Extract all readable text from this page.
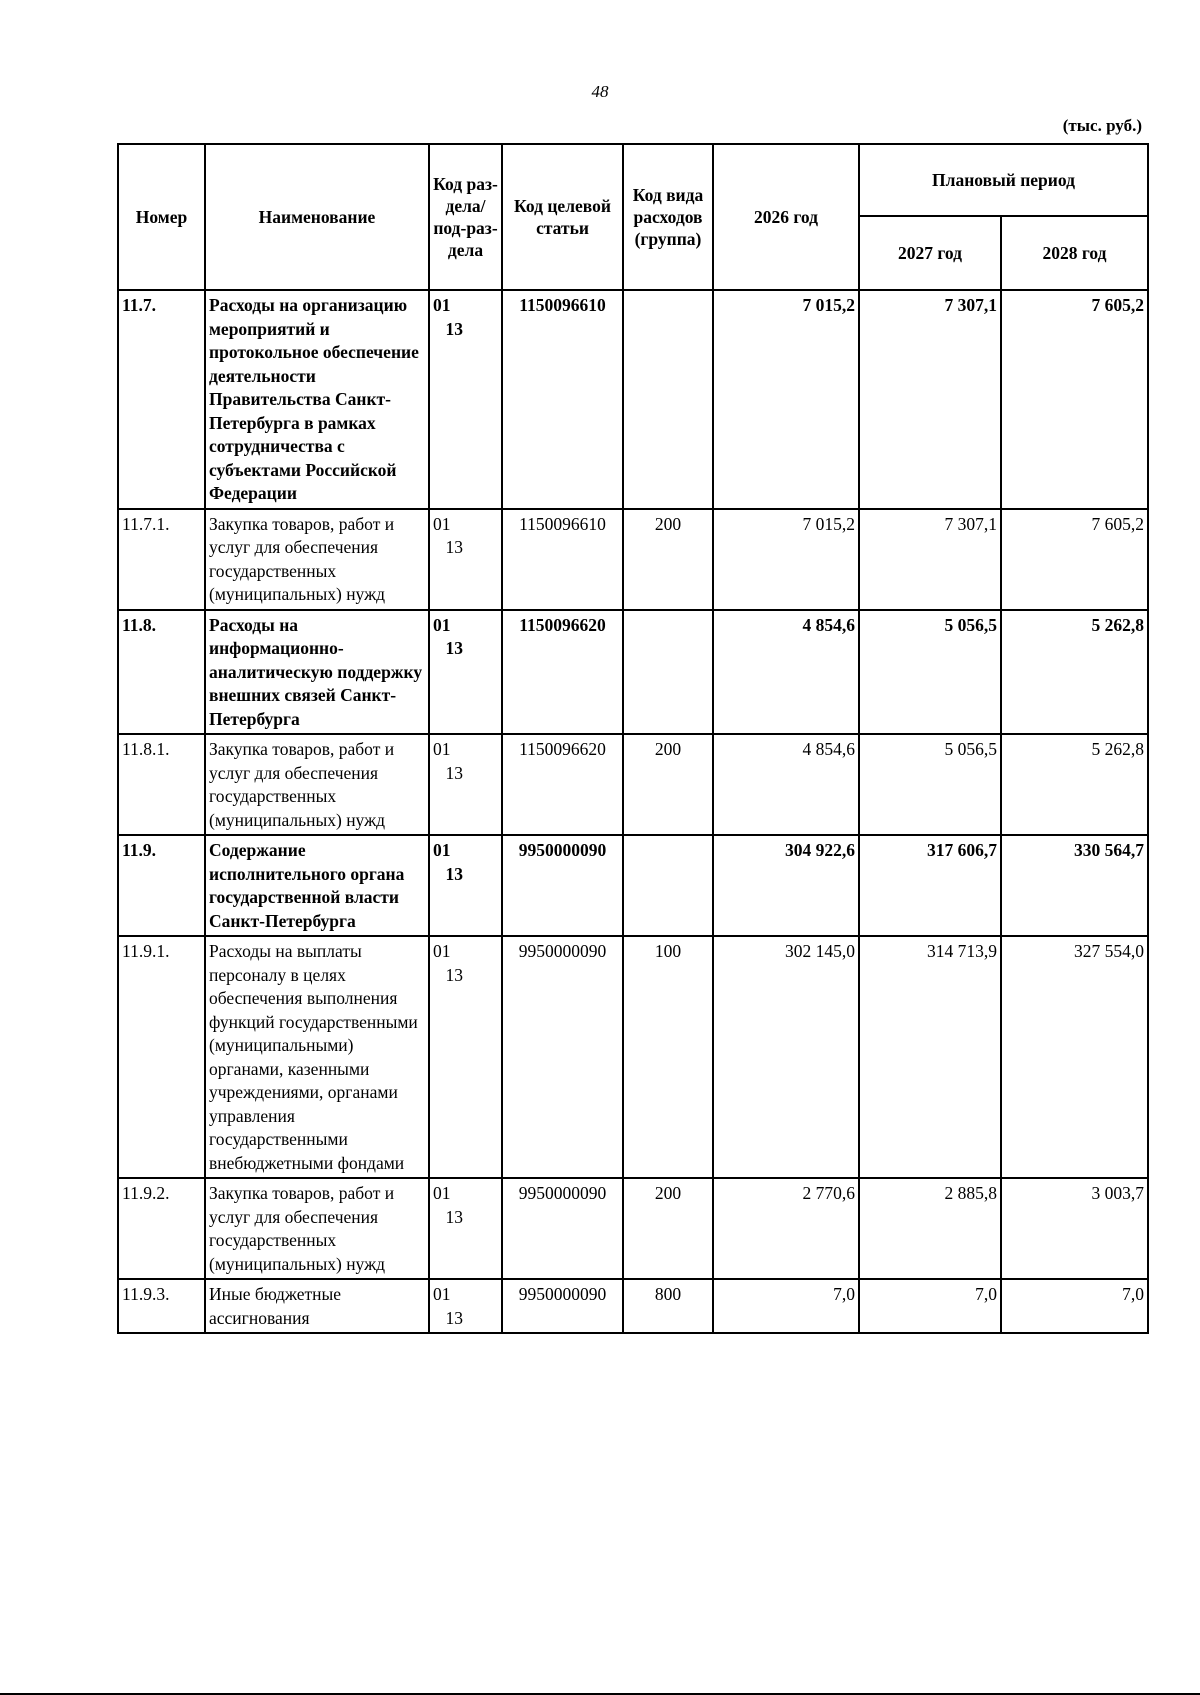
48
(тыс. руб.)
Номер	Наименование	Код раз-дела/ под-раз-дела	Код целевой статьи	Код вида расходов (группа)	2026 год	Плановый период	
						2027 год	2028 год
11.7.	Расходы на организацию мероприятий и протокольное обеспечение деятельности Правительства Санкт-Петербурга в рамках сотрудничества с субъектами Российской Федерации	0113	1150096610		7 015,2	7 307,1	7 605,2
11.7.1.	Закупка товаров, работ и услуг для обеспечения государственных (муниципальных) нужд	0113	1150096610	200	7 015,2	7 307,1	7 605,2
11.8.	Расходы на информационно-аналитическую поддержку внешних связей Санкт-Петербурга	0113	1150096620		4 854,6	5 056,5	5 262,8
11.8.1.	Закупка товаров, работ и услуг для обеспечения государственных (муниципальных) нужд	0113	1150096620	200	4 854,6	5 056,5	5 262,8
11.9.	Содержание исполнительного органа государственной власти Санкт-Петербурга	0113	9950000090		304 922,6	317 606,7	330 564,7
11.9.1.	Расходы на выплаты персоналу в целях обеспечения выполнения функций государственными (муниципальными) органами, казенными учреждениями, органами управления государственными внебюджетными фондами	0113	9950000090	100	302 145,0	314 713,9	327 554,0
11.9.2.	Закупка товаров, работ и услуг для обеспечения государственных (муниципальных) нужд	0113	9950000090	200	2 770,6	2 885,8	3 003,7
11.9.3.	Иные бюджетные ассигнования	0113	9950000090	800	7,0	7,0	7,0
